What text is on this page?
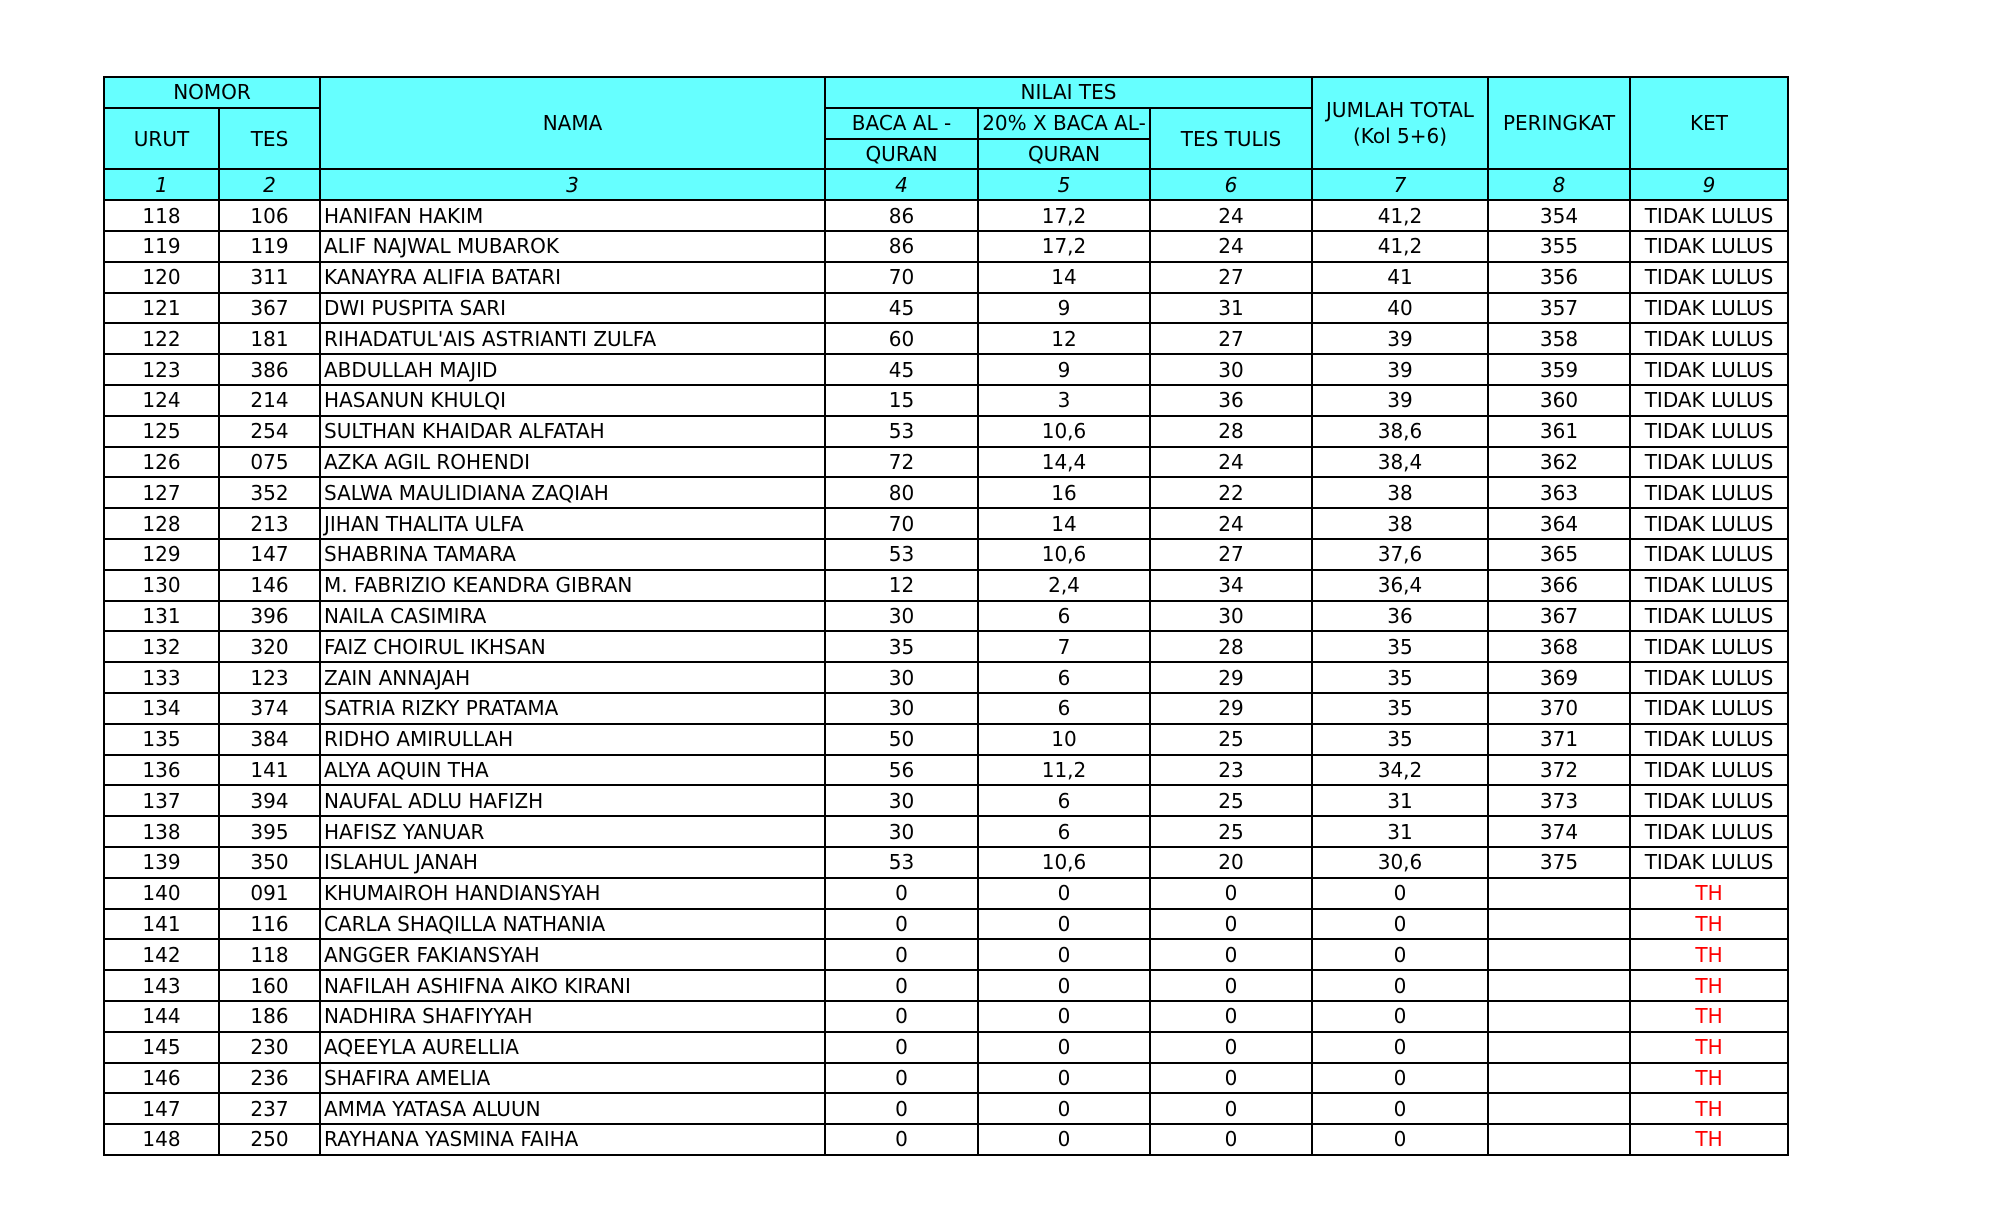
NOMOR		NAMA	NILAI TES			JUMLAH TOTAL
(Kol 5+6)	PERINGKAT	KET
URUT	TES		BACA AL -	20% X BACA AL-	TES TULIS			
			QURAN	QURAN				
1	2	3	4	5	6	7	8	9
118	106	HANIFAN HAKIM	86	17,2	24	41,2	354	TIDAK LULUS
119	119	ALIF NAJWAL MUBAROK	86	17,2	24	41,2	355	TIDAK LULUS
120	311	KANAYRA ALIFIA BATARI	70	14	27	41	356	TIDAK LULUS
121	367	DWI PUSPITA SARI	45	9	31	40	357	TIDAK LULUS
122	181	RIHADATUL'AIS ASTRIANTI ZULFA	60	12	27	39	358	TIDAK LULUS
123	386	ABDULLAH MAJID	45	9	30	39	359	TIDAK LULUS
124	214	HASANUN KHULQI	15	3	36	39	360	TIDAK LULUS
125	254	SULTHAN KHAIDAR ALFATAH	53	10,6	28	38,6	361	TIDAK LULUS
126	075	AZKA AGIL ROHENDI	72	14,4	24	38,4	362	TIDAK LULUS
127	352	SALWA MAULIDIANA ZAQIAH	80	16	22	38	363	TIDAK LULUS
128	213	JIHAN THALITA ULFA	70	14	24	38	364	TIDAK LULUS
129	147	SHABRINA TAMARA	53	10,6	27	37,6	365	TIDAK LULUS
130	146	M. FABRIZIO KEANDRA GIBRAN	12	2,4	34	36,4	366	TIDAK LULUS
131	396	NAILA CASIMIRA	30	6	30	36	367	TIDAK LULUS
132	320	FAIZ CHOIRUL IKHSAN	35	7	28	35	368	TIDAK LULUS
133	123	ZAIN ANNAJAH	30	6	29	35	369	TIDAK LULUS
134	374	SATRIA RIZKY PRATAMA	30	6	29	35	370	TIDAK LULUS
135	384	RIDHO AMIRULLAH	50	10	25	35	371	TIDAK LULUS
136	141	ALYA AQUIN THA	56	11,2	23	34,2	372	TIDAK LULUS
137	394	NAUFAL ADLU HAFIZH	30	6	25	31	373	TIDAK LULUS
138	395	HAFISZ YANUAR	30	6	25	31	374	TIDAK LULUS
139	350	ISLAHUL JANAH	53	10,6	20	30,6	375	TIDAK LULUS
140	091	KHUMAIROH HANDIANSYAH	0	0	0	0		TH
141	116	CARLA SHAQILLA NATHANIA	0	0	0	0		TH
142	118	ANGGER FAKIANSYAH	0	0	0	0		TH
143	160	NAFILAH ASHIFNA AIKO KIRANI	0	0	0	0		TH
144	186	NADHIRA SHAFIYYAH	0	0	0	0		TH
145	230	AQEEYLA AURELLIA	0	0	0	0		TH
146	236	SHAFIRA AMELIA	0	0	0	0		TH
147	237	AMMA YATASA ALUUN	0	0	0	0		TH
148	250	RAYHANA YASMINA FAIHA	0	0	0	0		TH
